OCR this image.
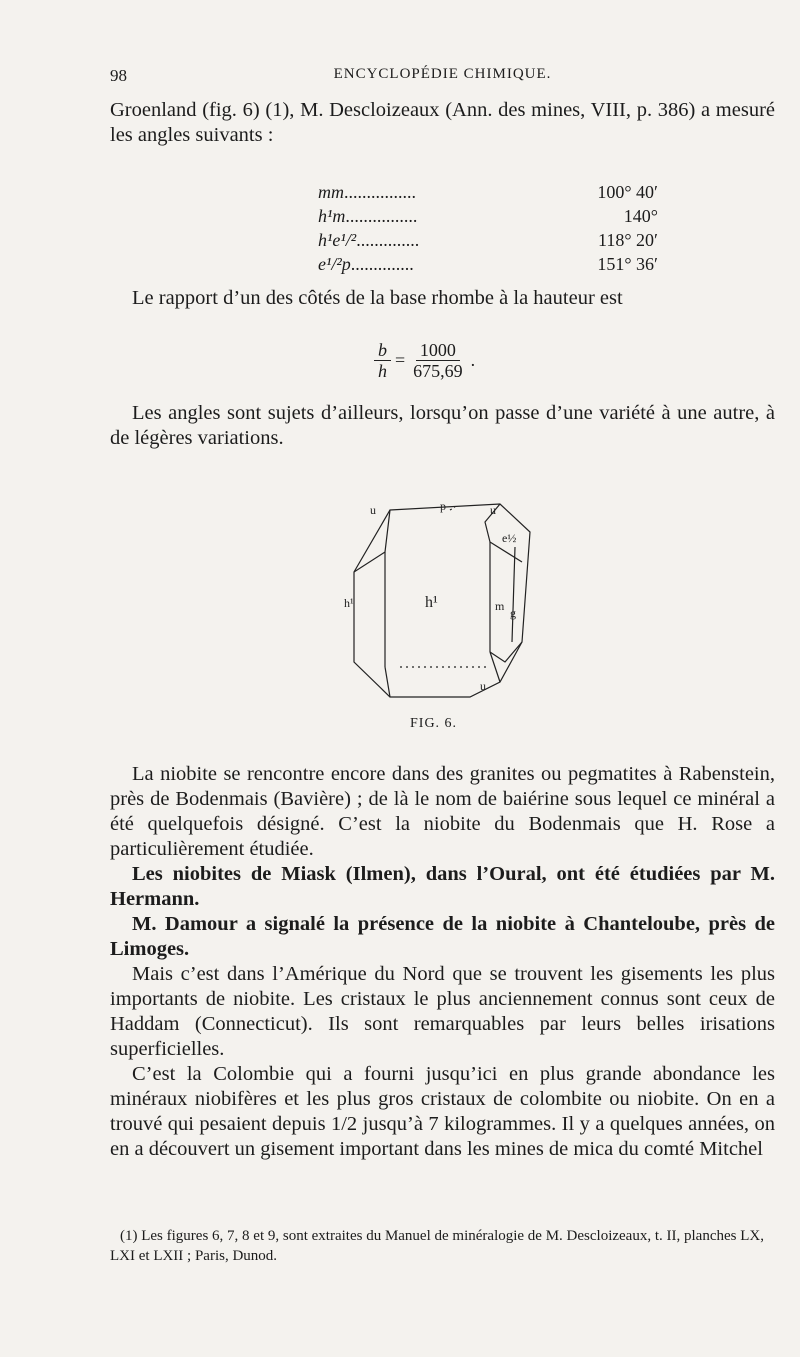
98	ENCYCLOPÉDIE CHIMIQUE.

Groenland (fig. 6) (1), M. Descloizeaux (Ann. des mines, VIII, p. 386) a mesuré les angles suivants :

mm................	100° 40′
h¹m................	140°
h¹e¹/²..............	118° 20′
e¹/²p..............	151° 36′

Le rapport d’un des côtés de la base rhombe à la hauteur est

$\frac{b}{h} = \frac{1000}{675,69}$ .

Les angles sont sujets d’ailleurs, lorsqu’on passe d’une variété à une autre, à de légères variations.

p
u	u
e½
h¹
h¹	m g
u
FIG. 6.

La niobite se rencontre encore dans des granites ou pegmatites à Rabenstein, près de Bodenmais (Bavière) ; de là le nom de baiérine sous lequel ce minéral a été quelquefois désigné. C’est la niobite du Bodenmais que H. Rose a particulièrement étudiée.

Les niobites de Miask (Ilmen), dans l’Oural, ont été étudiées par M. Hermann.

M. Damour a signalé la présence de la niobite à Chanteloube, près de Limoges.

Mais c’est dans l’Amérique du Nord que se trouvent les gisements les plus importants de niobite. Les cristaux le plus anciennement connus sont ceux de Haddam (Connecticut). Ils sont remarquables par leurs belles irisations superficielles.

C’est la Colombie qui a fourni jusqu’ici en plus grande abondance les minéraux niobifères et les plus gros cristaux de colombite ou niobite. On en a trouvé qui pesaient depuis 1/2 jusqu’à 7 kilogrammes. Il y a quelques années, on en a découvert un gisement important dans les mines de mica du comté Mitchel

(1) Les figures 6, 7, 8 et 9, sont extraites du Manuel de minéralogie de M. Descloizeaux, t. II, planches LX, LXI et LXII ; Paris, Dunod.
